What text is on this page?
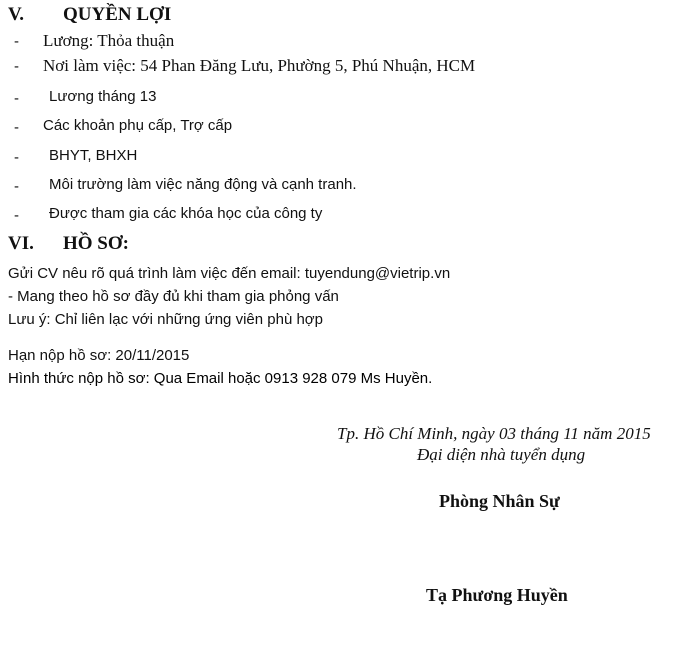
V. QUYỀN LỢI
- Lương: Thỏa thuận
- Nơi làm việc: 54 Phan Đăng Lưu, Phường 5, Phú Nhuận, HCM
- Lương tháng 13
- Các khoản phụ cấp, Trợ cấp
- BHYT, BHXH
- Môi trường làm việc năng động và cạnh tranh.
- Được tham gia các khóa học của công ty
VI. HỒ SƠ:
Gửi CV nêu rõ quá trình làm việc đến email: tuyendung@vietrip.vn
- Mang theo hồ sơ đầy đủ khi tham gia phỏng vấn
Lưu ý: Chỉ liên lạc với những ứng viên phù hợp
Hạn nộp hồ sơ: 20/11/2015
Hình thức nộp hồ sơ: Qua Email hoặc 0913 928 079 Ms Huyền.
Tp. Hồ Chí Minh, ngày 03 tháng 11 năm 2015
Đại diện nhà tuyển dụng
Phòng Nhân Sự
Tạ Phương Huyền
